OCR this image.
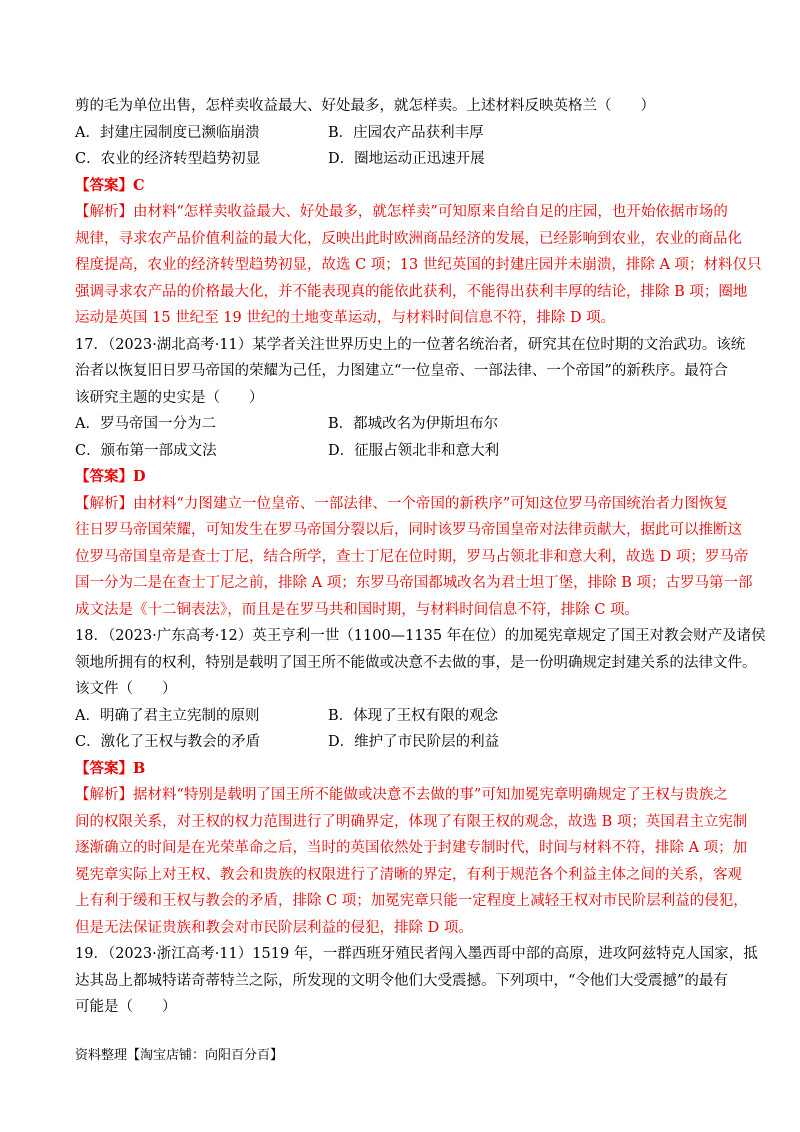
剪的毛为单位出售，怎样卖收益最大、好处最多，就怎样卖。上述材料反映英格兰（　　）
A．封建庄园制度已濒临崩溃	B．庄园农产品获利丰厚
C．农业的经济转型趋势初显	D．圈地运动正迅速开展
【答案】C
【解析】由材料“怎样卖收益最大、好处最多，就怎样卖”可知原来自给自足的庄园，也开始依据市场的
规律，寻求农产品价值利益的最大化，反映出此时欧洲商品经济的发展，已经影响到农业，农业的商品化
程度提高，农业的经济转型趋势初显，故选 C 项；13 世纪英国的封建庄园并未崩溃，排除 A 项；材料仅只
强调寻求农产品的价格最大化，并不能表现真的能依此获利，不能得出获利丰厚的结论，排除 B 项；圈地
运动是英国 15 世纪至 19 世纪的土地变革运动，与材料时间信息不符，排除 D 项。
17．（2023·湖北高考·11）某学者关注世界历史上的一位著名统治者，研究其在位时期的文治武功。该统
治者以恢复旧日罗马帝国的荣耀为己任，力图建立“一位皇帝、一部法律、一个帝国”的新秩序。最符合
该研究主题的史实是（　　）
A．罗马帝国一分为二	B．都城改名为伊斯坦布尔
C．颁布第一部成文法	D．征服占领北非和意大利
【答案】D
【解析】由材料“力图建立一位皇帝、一部法律、一个帝国的新秩序”可知这位罗马帝国统治者力图恢复
往日罗马帝国荣耀，可知发生在罗马帝国分裂以后，同时该罗马帝国皇帝对法律贡献大，据此可以推断这
位罗马帝国皇帝是查士丁尼，结合所学，查士丁尼在位时期，罗马占领北非和意大利，故选 D 项；罗马帝
国一分为二是在查士丁尼之前，排除 A 项；东罗马帝国都城改名为君士坦丁堡，排除 B 项；古罗马第一部
成文法是《十二铜表法》，而且是在罗马共和国时期，与材料时间信息不符，排除 C 项。
18．（2023·广东高考·12）英王亨利一世（1100—1135 年在位）的加冕宪章规定了国王对教会财产及诸侯
领地所拥有的权利，特别是载明了国王所不能做或决意不去做的事，是一份明确规定封建关系的法律文件。
该文件（　　）
A．明确了君主立宪制的原则	B．体现了王权有限的观念
C．激化了王权与教会的矛盾	D．维护了市民阶层的利益
【答案】B
【解析】据材料“特别是载明了国王所不能做或决意不去做的事”可知加冕宪章明确规定了王权与贵族之
间的权限关系，对王权的权力范围进行了明确界定，体现了有限王权的观念，故选 B 项；英国君主立宪制
逐渐确立的时间是在光荣革命之后，当时的英国依然处于封建专制时代，时间与材料不符，排除 A 项；加
冕宪章实际上对王权、教会和贵族的权限进行了清晰的界定，有利于规范各个利益主体之间的关系，客观
上有利于缓和王权与教会的矛盾，排除 C 项；加冕宪章只能一定程度上减轻王权对市民阶层利益的侵犯，
但是无法保证贵族和教会对市民阶层利益的侵犯，排除 D 项。
19．（2023·浙江高考·11）1519 年，一群西班牙殖民者闯入墨西哥中部的高原，进攻阿兹特克人国家，抵
达其岛上都城特诺奇蒂特兰之际，所发现的文明令他们大受震撼。下列项中，“令他们大受震撼”的最有
可能是（　　）
资料整理【淘宝店铺：向阳百分百】
